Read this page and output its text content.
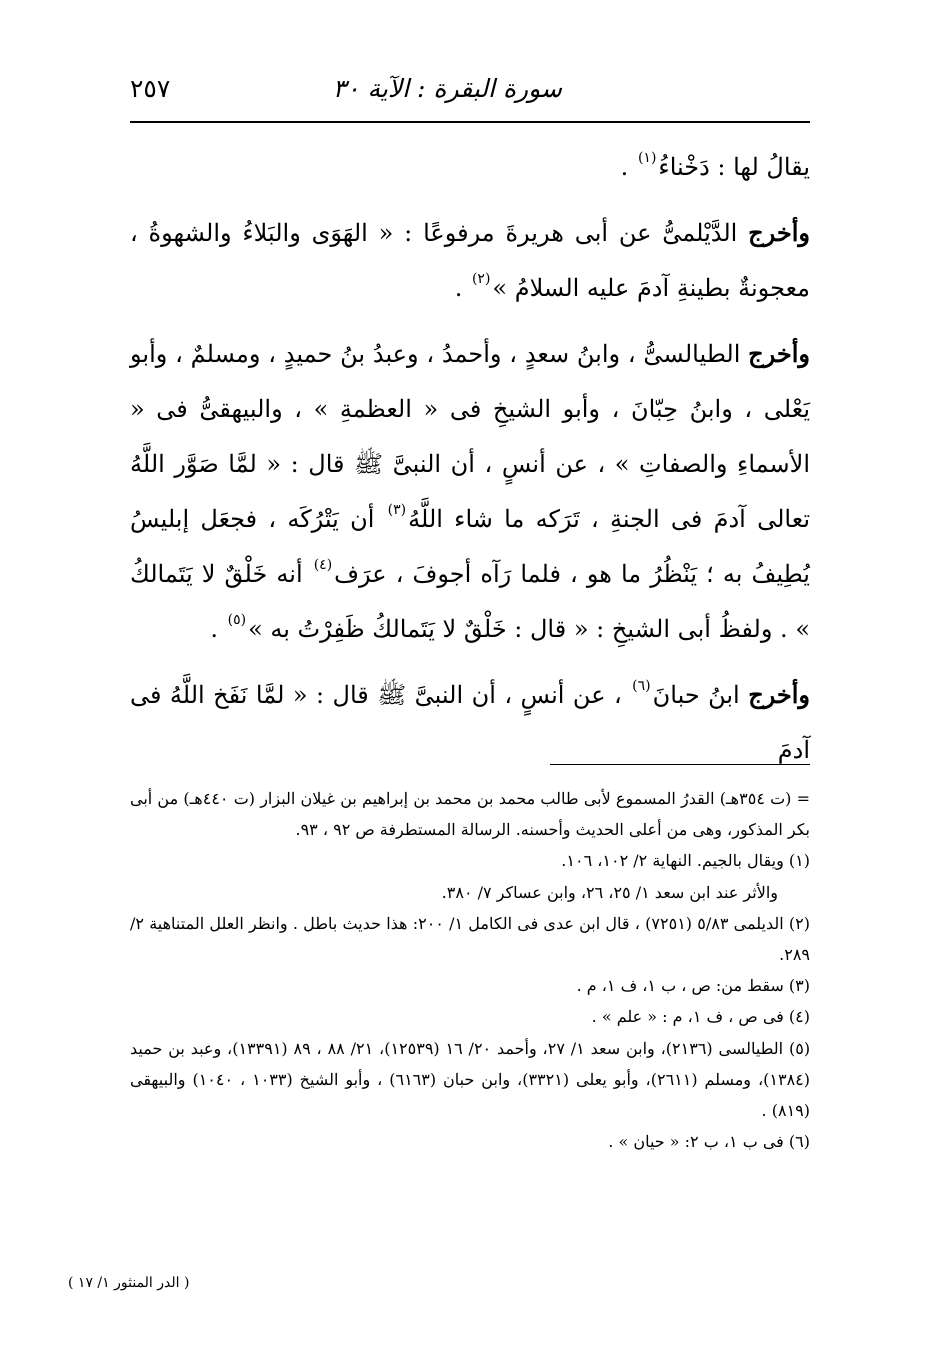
سورة البقرة : الآية ٣٠
٢٥٧

يقالُ لها : دَخْناءُ$^{(١)}$ .

وأخرج الدَّيْلمىُّ عن أبى هريرةَ مرفوعًا : « الهَوَى والبَلاءُ والشهوةُ ، معجونةٌ بطينةِ آدمَ عليه السلامُ »$^{(٢)}$ .

وأخرج الطيالسىُّ ، وابنُ سعدٍ ، وأحمدُ ، وعبدُ بنُ حميدٍ ، ومسلمٌ ، وأبو يَعْلى ، وابنُ حِبّانَ ، وأبو الشيخِ فى « العظمةِ » ، والبيهقىُّ فى « الأسماءِ والصفاتِ » ، عن أنسٍ ، أن النبىَّ ﷺ قال : « لمَّا صَوَّر اللَّهُ تعالى آدمَ فى الجنةِ ، تَرَكه ما شاء اللَّهُ$^{(٣)}$ أن يَتْرُكَه ، فجعَل إبليسُ يُطِيفُ به ؛ يَنْظُرُ ما هو ، فلما رَآه أجوفَ ، عرَف$^{(٤)}$ أنه خَلْقٌ لا يَتَمالكُ » . ولفظُ أبى الشيخِ : « قال : خَلْقٌ لا يَتَمالكُ ظَفِرْتُ به »$^{(٥)}$ .

وأخرج ابنُ حبانَ$^{(٦)}$ ، عن أنسٍ ، أن النبىَّ ﷺ قال : « لمَّا نَفَخ اللَّهُ فى آدمَ

= (ت ٣٥٤هـ) القدرُ المسموع لأبى طالب محمد بن محمد بن إبراهيم بن غيلان البزار (ت ٤٤٠هـ) من أبى بكر المذكور، وهى من أعلى الحديث وأحسنه. الرسالة المستطرفة ص ٩٢ ، ٩٣.

(١) ويقال بالجيم. النهاية ٢/ ١٠٢، ١٠٦.

والأثر عند ابن سعد ١/ ٢٥، ٢٦، وابن عساكر ٧/ ٣٨٠.

(٢) الديلمى ٥/٨٣ (٧٢٥١) ، قال ابن عدى فى الكامل ١/ ٢٠٠: هذا حديث باطل . وانظر العلل المتناهية ٢/ ٢٨٩.

(٣) سقط من: ص ، ب ١، ف ١، م .

(٤) فى ص ، ف ١، م : « علم » .

(٥) الطيالسى (٢١٣٦)، وابن سعد ١/ ٢٧، وأحمد ٢٠/ ١٦ (١٢٥٣٩)، ٢١/ ٨٨ ، ٨٩ (١٣٣٩١)، وعبد بن حميد (١٣٨٤)، ومسلم (٢٦١١)، وأبو يعلى (٣٣٢١)، وابن حبان (٦١٦٣) ، وأبو الشيخ (١٠٣٣ ، ١٠٤٠) والبيهقى (٨١٩) .

(٦) فى ب ١، ب ٢: « حيان » .

( الدر المنثور ١/ ١٧ )
